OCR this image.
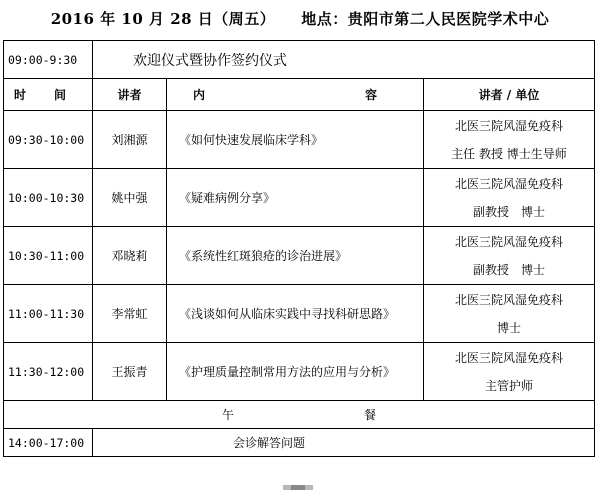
2016 年 10 月 28 日（周五） 地点：贵阳市第二人民医院学术中心
09:00-9:30	欢迎仪式暨协作签约仪式		
时 间	讲者	内 容	讲者 / 单位
09:30-10:00	刘湘源	《如何快速发展临床学科》	北医三院风湿免疫科
主任 教授 博士生导师

10:00-10:30	姚中强	《疑难病例分享》	北医三院风湿免疫科
副教授　博士

10:30-11:00	邓晓莉	《系统性红斑狼疮的诊治进展》	北医三院风湿免疫科
副教授　博士

11:00-11:30	李常虹	《浅谈如何从临床实践中寻找科研思路》	北医三院风湿免疫科
博士

11:30-12:00	王振青	《护理质量控制常用方法的应用与分析》	北医三院风湿免疫科
主管护师

午 餐			
14:00-17:00	会诊解答问题		
